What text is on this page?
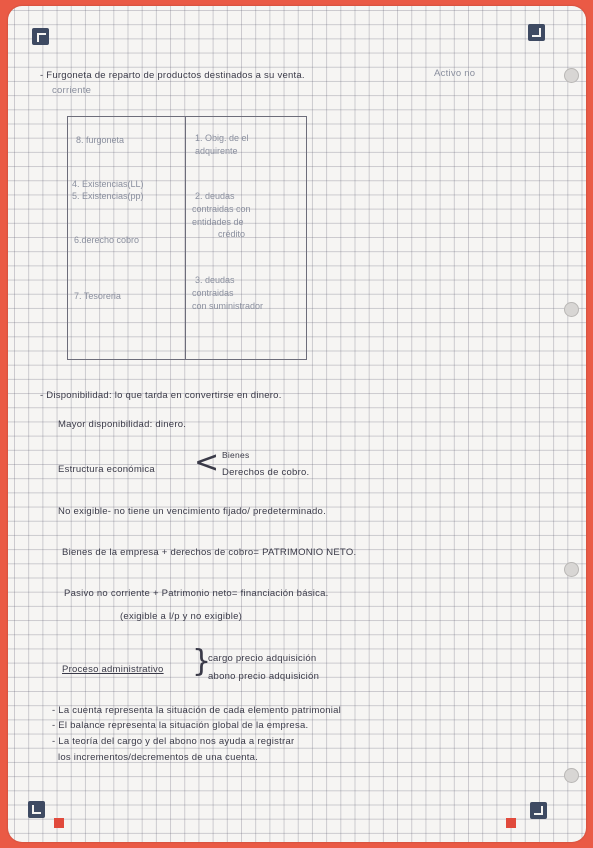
- Furgoneta de reparto de productos destinados a su venta.	Activo no
corriente
8. furgoneta
4. Existencias(LL)
5. Existencias(pp)
6.derecho cobro
7. Tesoreria
1. Obig. de el
adquirente
2. deudas
contraidas con
entidades de
crédito
3. deudas
contraidas
con suministrador
- Disponibilidad: lo que tarda en convertirse en dinero.
Mayor disponibilidad: dinero.
Estructura económica < Bienes
Derechos de cobro.
No exigible- no tiene un vencimiento fijado/ predeterminado.
Bienes de la empresa + derechos de cobro= PATRIMONIO NETO.
Pasivo no corriente + Patrimonio neto= financiación básica.
(exigible a l/p y no exigible)
Proceso administrativo }
cargo precio adquisición
abono precio adquisición
- La cuenta representa la situación de cada elemento patrimonial
- El balance representa la situación global de la empresa.
- La teoría del cargo y del abono nos ayuda a registrar
los incrementos/decrementos de una cuenta.
